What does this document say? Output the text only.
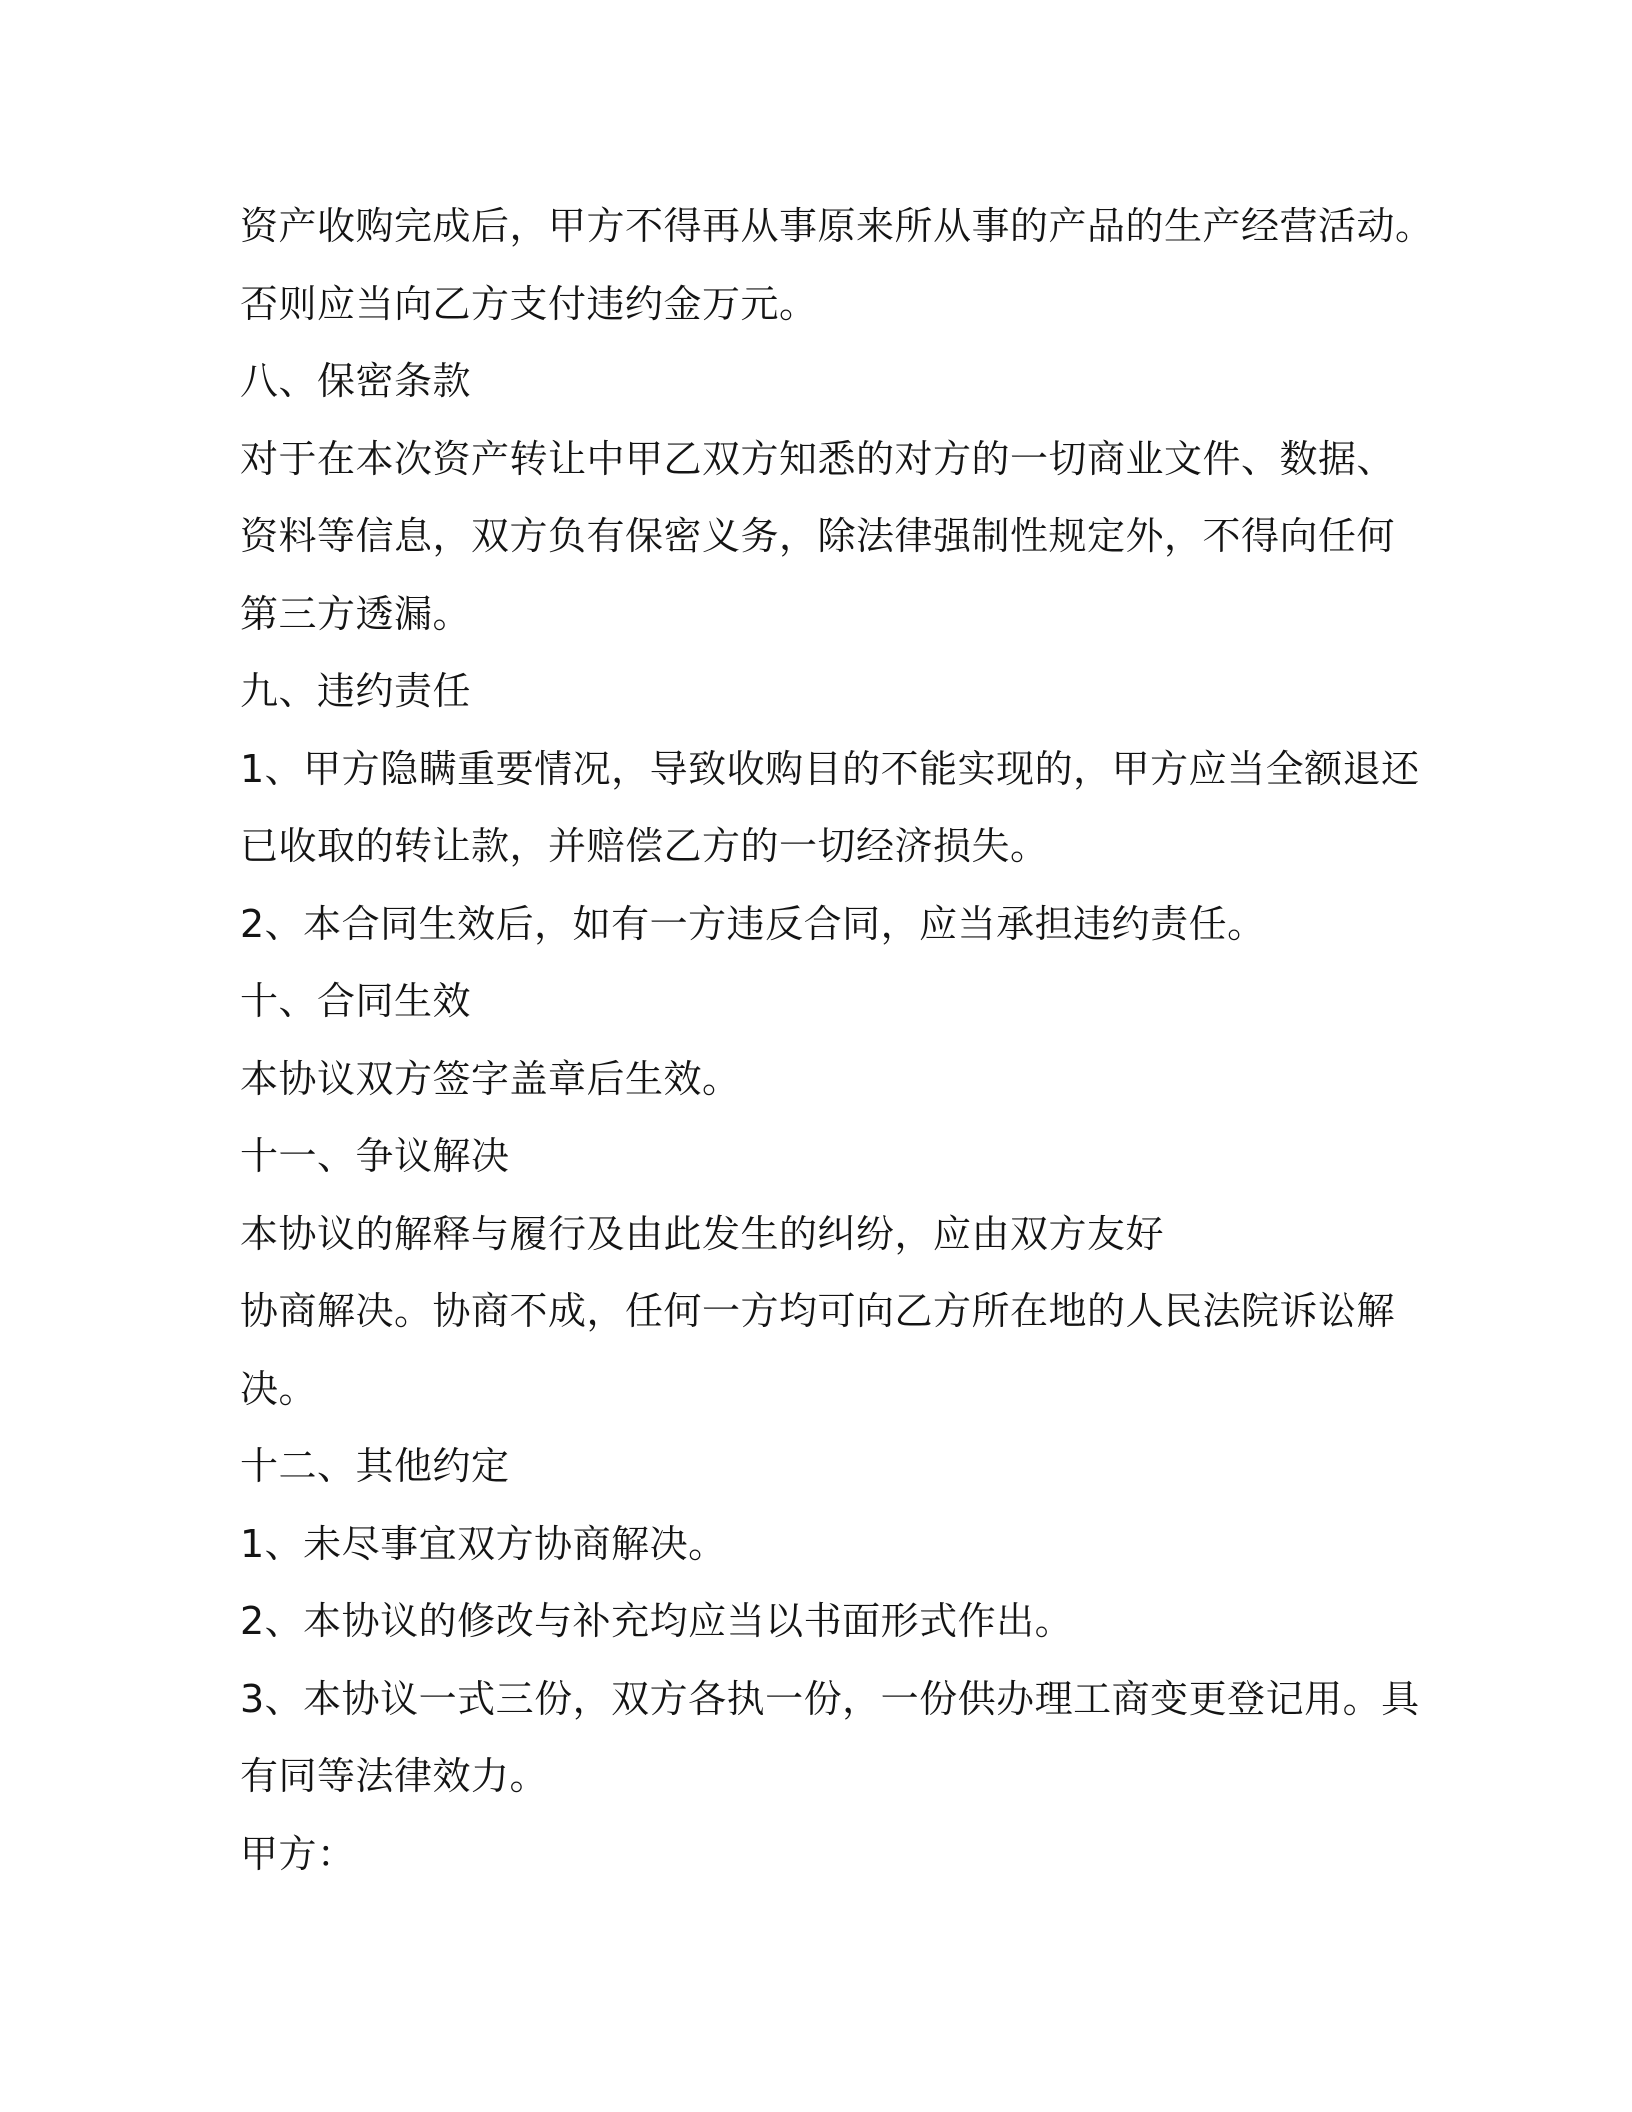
资产收购完成后，甲方不得再从事原来所从事的产品的生产经营活动。
否则应当向乙方支付违约金万元。
八、保密条款
对于在本次资产转让中甲乙双方知悉的对方的一切商业文件、数据、
资料等信息，双方负有保密义务，除法律强制性规定外，不得向任何
第三方透漏。
九、违约责任
1、甲方隐瞒重要情况，导致收购目的不能实现的，甲方应当全额退还
已收取的转让款，并赔偿乙方的一切经济损失。
2、本合同生效后，如有一方违反合同，应当承担违约责任。
十、合同生效
本协议双方签字盖章后生效。
十一、争议解决
本协议的解释与履行及由此发生的纠纷，应由双方友好
协商解决。协商不成，任何一方均可向乙方所在地的人民法院诉讼解
决。
十二、其他约定
1、未尽事宜双方协商解决。
2、本协议的修改与补充均应当以书面形式作出。
3、本协议一式三份，双方各执一份，一份供办理工商变更登记用。具
有同等法律效力。
甲方：
